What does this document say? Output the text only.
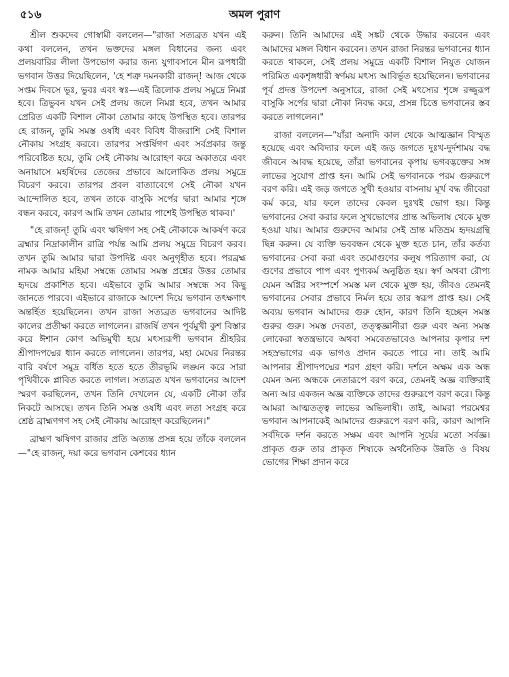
৫১৬	অমল পুরাণ

শ্রীল শুকদেব গোস্বামী বললেন—"রাজা সত্যব্রত যখন এই কথা বললেন, তখন ভক্তদের মঙ্গল বিধানের জন্য এবং প্রলয়বারির লীলা উপভোগ করার জন্য যুগাবসানে মীন রূপধারী ভগবান উত্তর দিয়েছিলেন, 'হে শত্রু দমনকারী রাজন্! আজ থেকে সপ্তম দিবসে ভূঃ, ভুবঃ এবং স্বঃ—এই ত্রিলোক প্রলয় সমুদ্রে নিমগ্ন হবে। ত্রিভুবন যখন সেই প্রলয় জলে নিমগ্ন হবে, তখন আমার প্রেরিত একটি বিশাল নৌকা তোমার কাছে উপস্থিত হবে। তারপর হে রাজন্, তুমি সমস্ত ওষধি এবং বিবিধ বীজরাশি সেই বিশাল নৌকায় সংগ্রহ করবে। তারপর সপ্তর্ষিগণ এবং সর্বপ্রকার জন্তু পরিবেষ্টিত হয়ে, তুমি সেই নৌকায় আরোহণ করে অকাতরে এবং অনায়াসে মহর্ষিদের তেজের প্রভাবে আলোকিত প্রলয় সমুদ্রে বিচরণ করবে। তারপর প্রবল বাত্যাবেগে সেই নৌকা যখন আন্দোলিত হবে, তখন তাকে বাসুকি সর্পের দ্বারা আমার শৃঙ্গে বন্ধন করবে, কারণ আমি তখন তোমার পাশেই উপস্থিত থাকব।'

"হে রাজন্! তুমি এবং ঋষিগণ সহ সেই নৌকাকে আকর্ষণ করে ব্রহ্মার নিদ্রাকালীন রাত্রি পর্যন্ত আমি প্রলয় সমুদ্রে বিচরণ করব। তখন তুমি আমার দ্বারা উপদিষ্ট এবং অনুগৃহীত হবে। পরব্রহ্ম নামক আমার মহিমা সম্বন্ধে তোমার সমস্ত প্রশ্নের উত্তর তোমার হৃদয়ে প্রকাশিত হবে। এইভাবে তুমি আমার সম্বন্ধে সব কিছু জানতে পারবে। এইভাবে রাজাকে আদেশ দিয়ে ভগবান তৎক্ষণাৎ অন্তর্হিত হয়েছিলেন। তখন রাজা সত্যব্রত ভগবানের আদিষ্ট কালের প্রতীক্ষা করতে লাগলেন। রাজর্ষি তখন পূর্বমুখী কুশ বিস্তার করে ঈশান কোণ অভিমুখী হয়ে মৎস্যরূপী ভগবান শ্রীহরির শ্রীপাদপদ্মের ধ্যান করতে লাগলেন। তারপর, মহা মেঘের নিরন্তর বারি বর্ষণে সমুদ্র বর্ধিত হতে হতে তীরভূমি লঙ্ঘন করে সারা পৃথিবীকে প্লাবিত করতে লাগল। সত্যব্রত যখন ভগবানের আদেশ স্মরণ করছিলেন, তখন তিনি দেখলেন যে, একটি নৌকা তাঁর নিকটে আসছে। তখন তিনি সমস্ত ওষধি এবং লতা সংগ্রহ করে শ্রেষ্ঠ ব্রাহ্মণগণ সহ সেই নৌকায় আরোহণ করেছিলেন।"

ব্রাহ্মণ ঋষিগণ রাজার প্রতি অত্যন্ত প্রসন্ন হয়ে তাঁকে বললেন—"হে রাজন্, দয়া করে ভগবান কেশবের ধ্যান

করুন। তিনি আমাদের এই সঙ্কট থেকে উদ্ধার করবেন এবং আমাদের মঙ্গল বিধান করবেন। তখন রাজা নিরন্তর ভগবানের ধ্যান করতে থাকলে, সেই প্রলয় সমুদ্রে একটি বিশাল নিযুত যোজন পরিমিত একশৃঙ্গধারী স্বর্ণময় মৎস্য আবির্ভূত হয়েছিলেন। ভগবানের পূর্ব প্রদত্ত উপদেশ অনুসারে, রাজা সেই মৎস্যের শৃঙ্গে রজ্জুরূপ বাসুকি সর্পের দ্বারা নৌকা নিবদ্ধ করে, প্রসন্ন চিত্তে ভগবানের স্তব করতে লাগলেন।"

রাজা বললেন—"যাঁরা অনাদি কাল থেকে আত্মজ্ঞান বিস্মৃত হয়েছে এবং অবিদ্যার ফলে এই জড় জগতে দুঃখ-দুর্দশাময় বদ্ধ জীবনে আবদ্ধ হয়েছে, তাঁরা ভগবানের কৃপায় ভগবদ্ভক্তের সঙ্গ লাভের সুযোগ প্রাপ্ত হন। আমি সেই ভগবানকে পরম গুরুরূপে বরণ করি। এই জড় জগতে সুখী হওয়ার বাসনায় মূর্খ বদ্ধ জীবেরা কর্ম করে, যার ফলে তাদের কেবল দুঃখই ভোগ হয়। কিন্তু ভগবানের সেবা করার ফলে সুখভোগের প্রান্ত অভিলাষ থেকে মুক্ত হওয়া যায়। আমার গুরুদেব আমার সেই ভ্রান্ত মতিভ্রম হৃদয়গ্রন্থি ছিন্ন করুন। যে ব্যক্তি ভববন্ধন থেকে মুক্ত হতে চান, তাঁর কর্তব্য ভগবানের সেবা করা এবং তমোগুণের কলুষ পরিত্যাগ করা, যে গুণের প্রভাবে পাপ এবং পুণ্যকর্ম অনুষ্ঠিত হয়। স্বর্ণ অথবা রৌপ্য যেমন অগ্নির সংস্পর্শে সমস্ত মল থেকে মুক্ত হয়, জীবও তেমনই ভগবানের সেবার প্রভাবে নির্মল হয়ে তার স্বরূপ প্রাপ্ত হয়। সেই অব্যয় ভগবান আমাদের গুরু হোন, কারণ তিনি হচ্ছেন সমস্ত গুরুর গুরু। সমস্ত দেবতা, তত্ত্বজ্ঞানীরা গুরু এবং অন্য সমস্ত লোকেরা স্বতন্ত্রভাবে অথবা সমবেতভাবেও আপনার কৃপার দশ সহস্রভাগের এক ভাগও প্রদান করতে পারে না। তাই আমি আপনার শ্রীপাদপদ্মের শরণ গ্রহণ করি। দর্শনে অক্ষম এক অন্ধ যেমন অন্য অন্ধকে নেতারূপে বরণ করে, তেমনই অজ্ঞ ব্যক্তিরাই অন্য আর একজন অজ্ঞ ব্যক্তিকে তাদের গুরুরূপে বরণ করে। কিন্তু আমরা আত্মতত্ত্ব লাভের অভিলাষী। তাই, আমরা পরমেশ্বর ভগবান আপনাকেই আমাদের গুরুরূপে বরণ করি, কারণ আপনি সর্বদিকে দর্শন করতে সক্ষম এবং আপনি সূর্যের মতো সর্বজ্ঞ। প্রাকৃত গুরু তার প্রাকৃত শিষ্যকে অর্থনৈতিক উন্নতি ও বিষয় ভোগের শিক্ষা প্রদান করে
